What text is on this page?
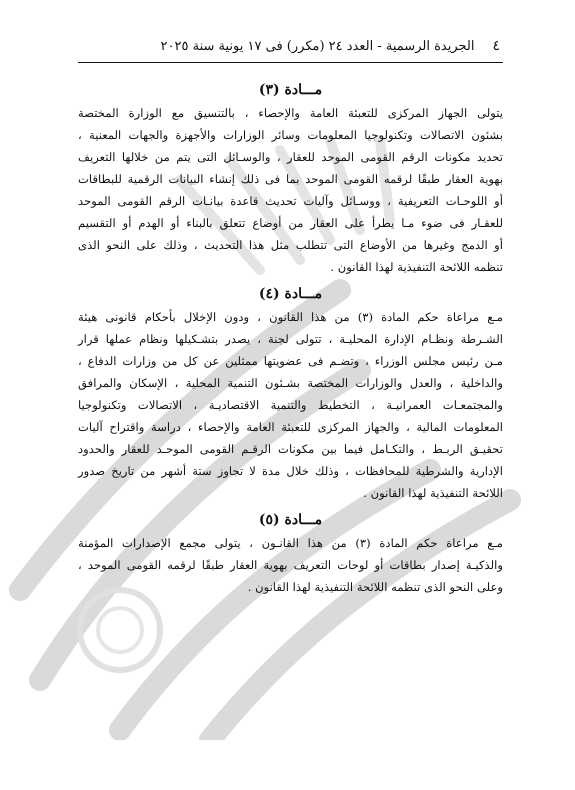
٤
الجريدة الرسمية - العدد ٢٤ (مكرر) فى ١٧ يونية سنة ٢٠٢٥
مـــادة (٣)

يتولى الجهاز المركزى للتعبئة العامة والإحصاء ، بالتنسيق مع الوزارة المختصة
بشئون الاتصالات وتكنولوجيا المعلومات وسائر الوزارات والأجهزة والجهات المعنية ،
تحديد مكونات الرقم القومى الموحد للعقار ، والوسـائل التى يتم من خلالها التعريف
بهوية العقار طبقًا لرقمه القومى الموحد بما فى ذلك إنشاء البيانات الرقمية للبطاقات
أو اللوحـات التعريفية ، ووسـائل وآليات تحديث قاعدة بيانـات الرقم القومى الموحد
للعقـار فى ضوء مـا يطرأ على العقار من أوضاع تتعلق بالبناء أو الهدم أو التقسيم
أو الدمج وغيرها من الأوضاع التى تتطلب مثل هذا التحديث ، وذلك على النحو الذى
تنظمه اللائحة التنفيذية لهذا القانون .

مـــادة (٤)

مـع مراعاة حكم المادة (٣) من هذا القانون ، ودون الإخلال بأحكام قانونى هيئة
الشـرطة ونظـام الإدارة المحليـة ، تتولى لجنة ، يصدر بتشـكيلها ونظام عملها قرار
مـن رئيس مجلس الوزراء ، وتضـم فى عضويتها ممثلين عن كل من وزارات الدفاع ،
والداخلية ، والعدل والوزارات المختصة بشـئون التنمية المحلية ، الإسكان والمرافق
والمجتمعـات العمرانيـة ، التخطيط والتنمية الاقتصاديـة ، الاتصالات وتكنولوجيا
المعلومات المالية ، والجهاز المركزى للتعبئة العامة والإحصاء ، دراسة واقتراح آليات
تحقيـق الربـط ، والتكـامل فيما بين مكونات الرقـم القومى الموحـد للعقار والحدود
الإدارية والشرطية للمحافظات ، وذلك خلال مدة لا تجاوز ستة أشهر من تاريخ صدور
اللائحة التنفيذية لهذا القانون .

مـــادة (٥)

مـع مراعاة حكم المادة (٣) من هذا القانـون ، يتولى مجمع الإصدارات المؤمنة
والذكيـة إصدار بطاقات أو لوحات التعريف بهوية العقار طبقًا لرقمه القومى الموحد ،
وعلى النحو الذى تنظمه اللائحة التنفيذية لهذا القانون .
